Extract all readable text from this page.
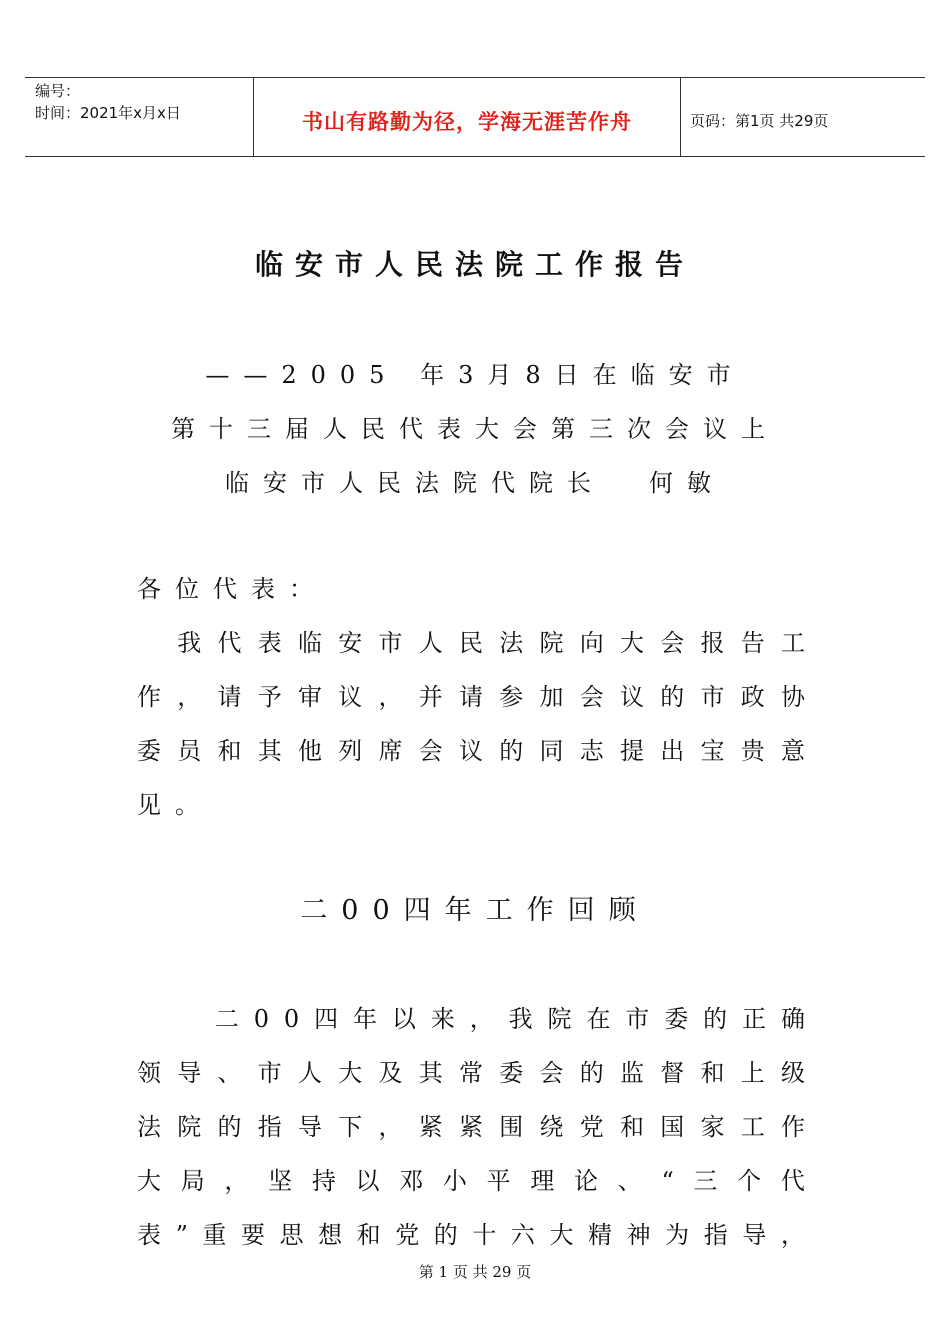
编号：
时间：2021年x月x日	书山有路勤为径，学海无涯苦作舟	页码：第1页 共29页
临安市人民法院工作报告
——2005 年3月8日在临安市
第十三届人民代表大会第三次会议上
临安市人民法院代院长 何敏
各位代表：

我 代 表 临 安 市 人 民 法 院 向 大 会 报 告 工
作 ， 请 予 审 议 ， 并 请 参 加 会 议 的 市 政 协
委 员 和 其 他 列 席 会 议 的 同 志 提 出 宝 贵 意
见。
二00四年工作回顾

二 0 0 四 年 以 来 ， 我 院 在 市 委 的 正 确
领 导 、 市 人 大 及 其 常 委 会 的 监 督 和 上 级
法 院 的 指 导 下 ， 紧 紧 围 绕 党 和 国 家 工 作
大 局 ， 坚 持 以 邓 小 平 理 论 、 “ 三 个 代
表 ” 重 要 思 想 和 党 的 十 六 大 精 神 为 指 导 ，
第 1 页 共 29 页
